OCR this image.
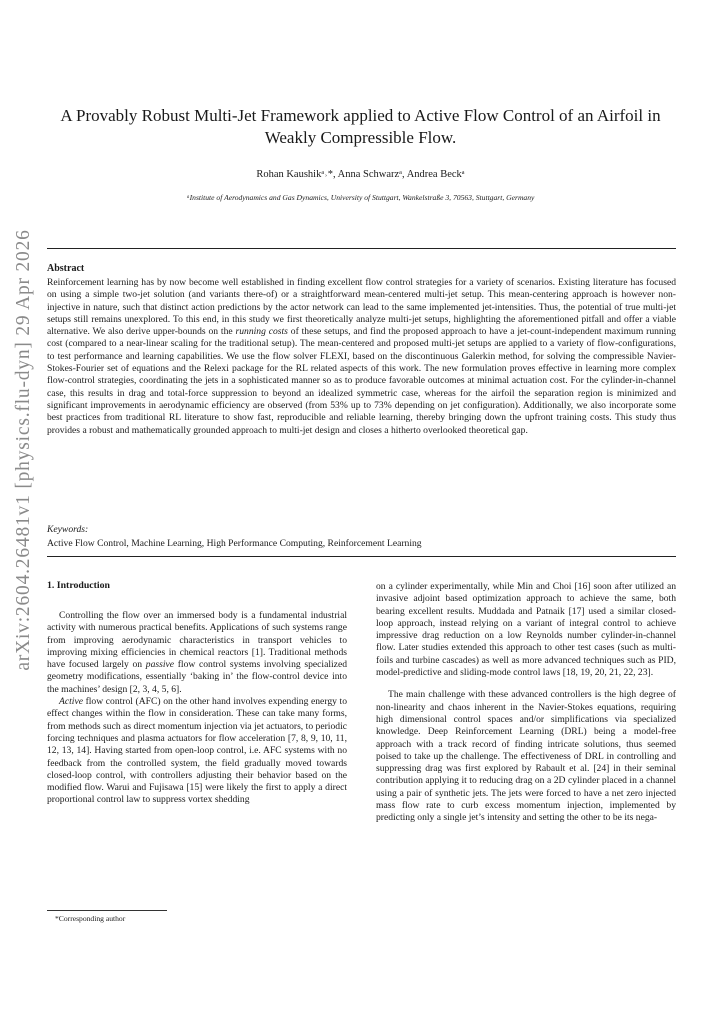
arXiv:2604.26481v1 [physics.flu-dyn] 29 Apr 2026
A Provably Robust Multi-Jet Framework applied to Active Flow Control of an Airfoil in
Weakly Compressible Flow.
Rohan Kaushikᵃ˒*, Anna Schwarzᵃ, Andrea Beckᵃ
ᵃInstitute of Aerodynamics and Gas Dynamics, University of Stuttgart, Wankelstraße 3, 70563, Stuttgart, Germany
Abstract
Reinforcement learning has by now become well established in finding excellent flow control strategies for a variety of scenarios. Existing literature has focused on using a simple two-jet solution (and variants there-of) or a straightforward mean-centered multi-jet setup. This mean-centering approach is however non-injective in nature, such that distinct action predictions by the actor network can lead to the same implemented jet-intensities. Thus, the potential of true multi-jet setups still remains unexplored. To this end, in this study we first theoretically analyze multi-jet setups, highlighting the aforementioned pitfall and offer a viable alternative. We also derive upper-bounds on the running costs of these setups, and find the proposed approach to have a jet-count-independent maximum running cost (compared to a near-linear scaling for the traditional setup). The mean-centered and proposed multi-jet setups are applied to a variety of flow-configurations, to test performance and learning capabilities. We use the flow solver FLEXI, based on the discontinuous Galerkin method, for solving the compressible Navier-Stokes-Fourier set of equations and the Relexi package for the RL related aspects of this work. The new formulation proves effective in learning more complex flow-control strategies, coordinating the jets in a sophisticated manner so as to produce favorable outcomes at minimal actuation cost. For the cylinder-in-channel case, this results in drag and total-force suppression to beyond an idealized symmetric case, whereas for the airfoil the separation region is minimized and significant improvements in aerodynamic efficiency are observed (from 53% up to 73% depending on jet configuration). Additionally, we also incorporate some best practices from traditional RL literature to show fast, reproducible and reliable learning, thereby bringing down the upfront training costs. This study thus provides a robust and mathematically grounded approach to multi-jet design and closes a hitherto overlooked theoretical gap.
Keywords:
Active Flow Control, Machine Learning, High Performance Computing, Reinforcement Learning
1. Introduction

Controlling the flow over an immersed body is a fundamental industrial activity with numerous practical benefits. Applications of such systems range from improving aerodynamic characteristics in transport vehicles to improving mixing efficiencies in chemical reactors [1]. Traditional methods have focused largely on passive flow control systems involving specialized geometry modifications, essentially ‘baking in’ the flow-control device into the machines’ design [2, 3, 4, 5, 6].

Active flow control (AFC) on the other hand involves expending energy to effect changes within the flow in consideration. These can take many forms, from methods such as direct momentum injection via jet actuators, to periodic forcing techniques and plasma actuators for flow acceleration [7, 8, 9, 10, 11, 12, 13, 14]. Having started from open-loop control, i.e. AFC systems with no feedback from the controlled system, the field gradually moved towards closed-loop control, with controllers adjusting their behavior based on the modified flow. Warui and Fujisawa [15] were likely the first to apply a direct proportional control law to suppress vortex shedding

on a cylinder experimentally, while Min and Choi [16] soon after utilized an invasive adjoint based optimization approach to achieve the same, both bearing excellent results. Muddada and Patnaik [17] used a similar closed-loop approach, instead relying on a variant of integral control to achieve impressive drag reduction on a low Reynolds number cylinder-in-channel flow. Later studies extended this approach to other test cases (such as multi-foils and turbine cascades) as well as more advanced techniques such as PID, model-predictive and sliding-mode control laws [18, 19, 20, 21, 22, 23].

The main challenge with these advanced controllers is the high degree of non-linearity and chaos inherent in the Navier-Stokes equations, requiring high dimensional control spaces and/or simplifications via specialized knowledge. Deep Reinforcement Learning (DRL) being a model-free approach with a track record of finding intricate solutions, thus seemed poised to take up the challenge. The effectiveness of DRL in controlling and suppressing drag was first explored by Rabault et al. [24] in their seminal contribution applying it to reducing drag on a 2D cylinder placed in a channel using a pair of synthetic jets. The jets were forced to have a net zero injected mass flow rate to curb excess momentum injection, implemented by predicting only a single jet’s intensity and setting the other to be its nega-

*Corresponding author
